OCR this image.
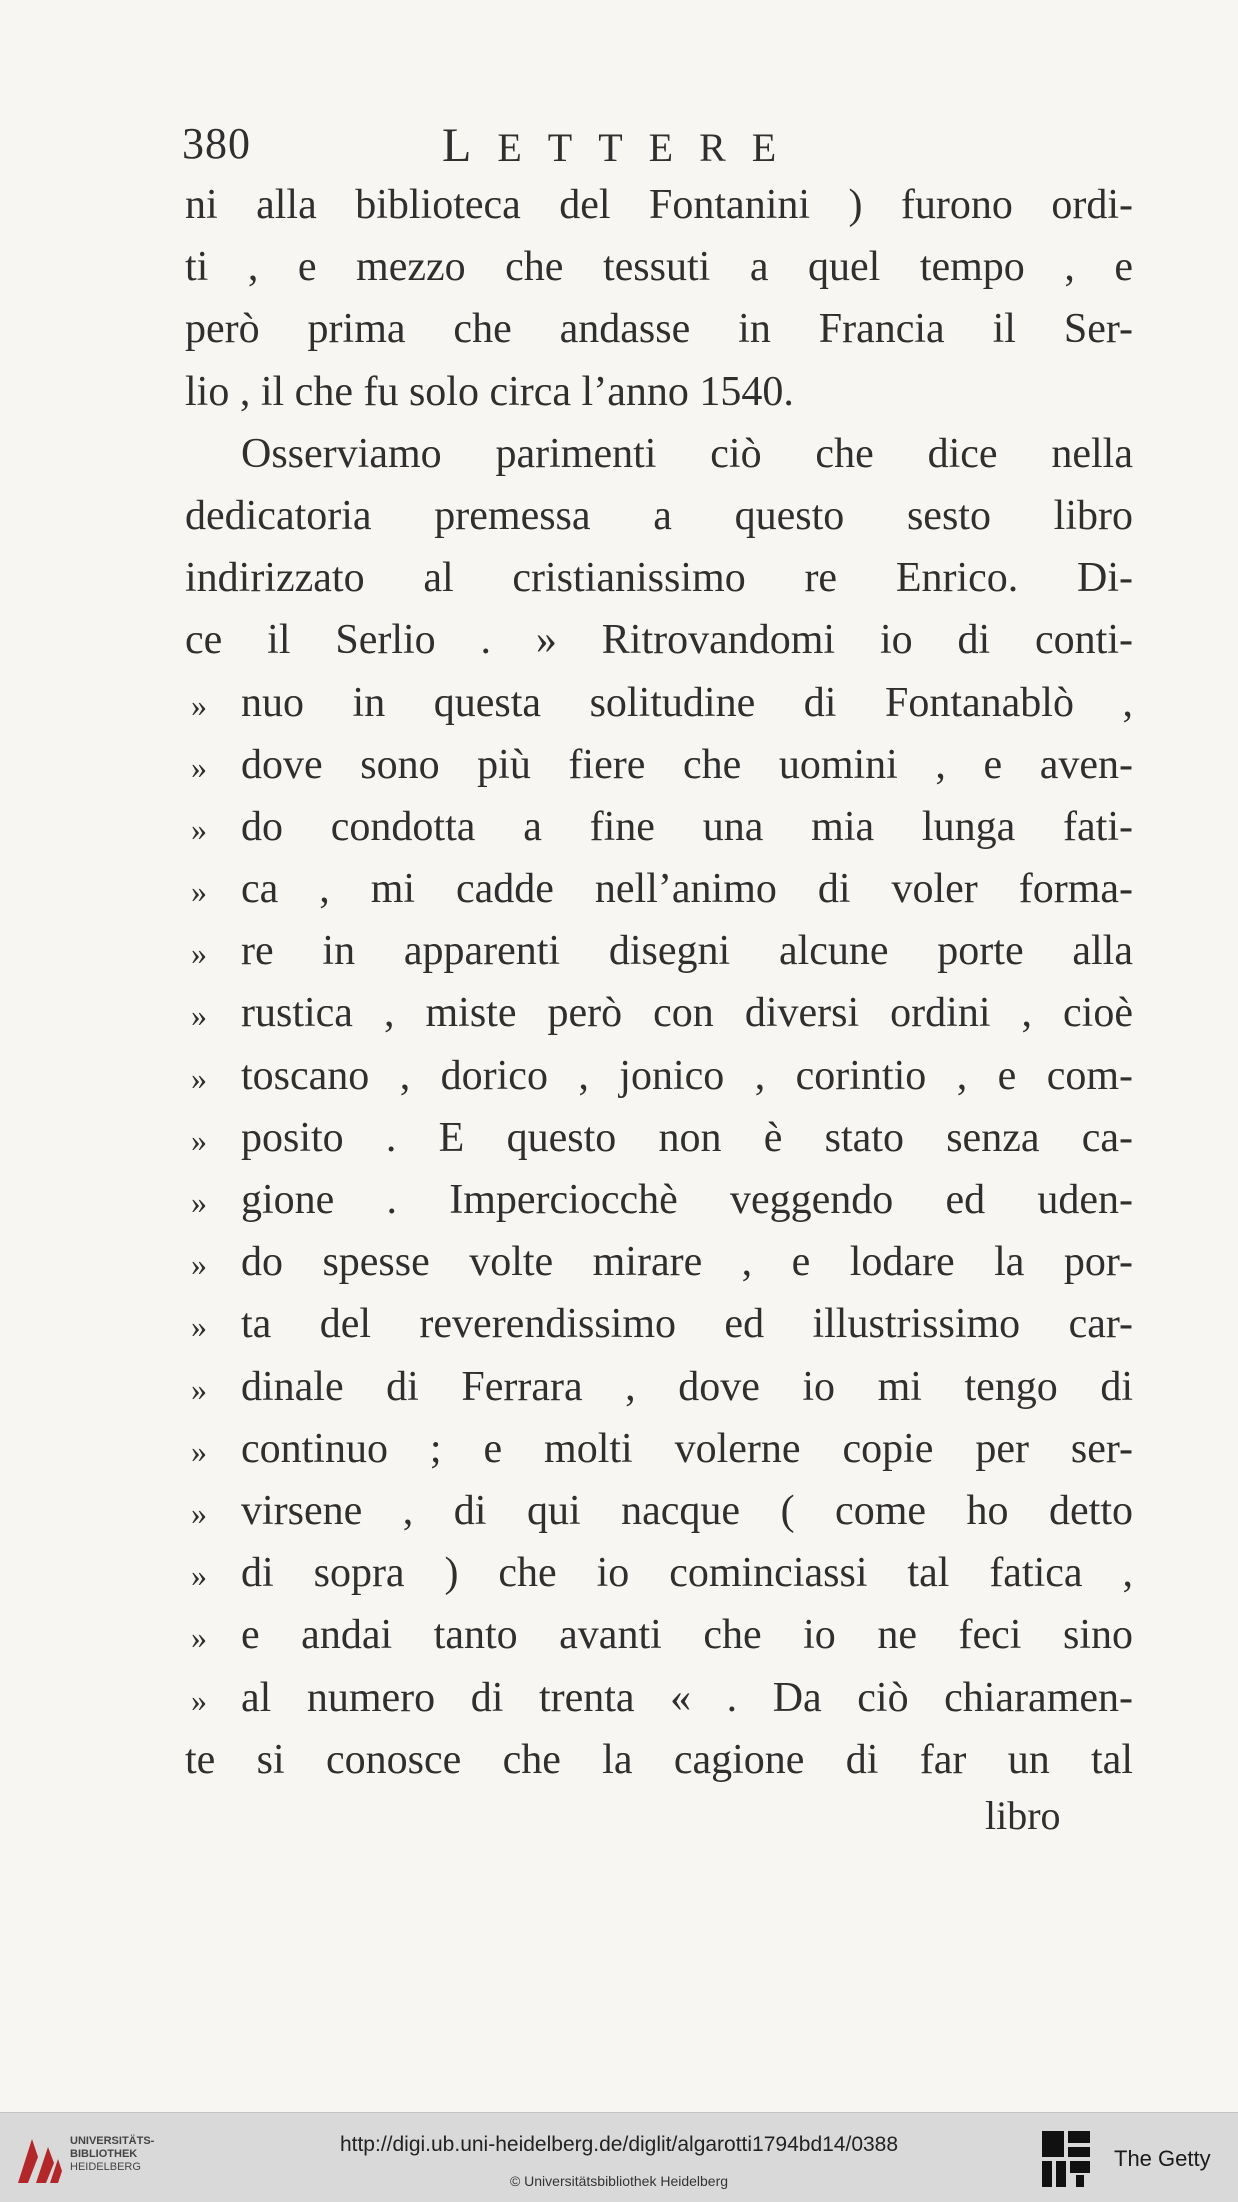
380	LETTERE
ni alla biblioteca del Fontanini ) furono ordi-
ti , e mezzo che tessuti a quel tempo , e
però prima che andasse in Francia il Ser-
lio , il che fu solo circa l’anno 1540.
Osserviamo parimenti ciò che dice nella
dedicatoria premessa a questo sesto libro
indirizzato al cristianissimo re Enrico. Di-
ce il Serlio . » Ritrovandomi io di conti-
» nuo in questa solitudine di Fontanablò ,
» dove sono più fiere che uomini , e aven-
» do condotta a fine una mia lunga fati-
» ca , mi cadde nell’animo di voler forma-
» re in apparenti disegni alcune porte alla
» rustica , miste però con diversi ordini , cioè
» toscano , dorico , jonico , corintio , e com-
» posito . E questo non è stato senza ca-
» gione . Imperciocchè veggendo ed uden-
» do spesse volte mirare , e lodare la por-
» ta del reverendissimo ed illustrissimo car-
» dinale di Ferrara , dove io mi tengo di
» continuo ; e molti volerne copie per ser-
» virsene , di qui nacque ( come ho detto
» di sopra ) che io cominciassi tal fatica ,
» e andai tanto avanti che io ne feci sino
» al numero di trenta « . Da ciò chiaramen-
te si conosce che la cagione di far un tal
libro
UNIVERSITÄTS-
BIBLIOTHEK
HEIDELBERG
http://digi.ub.uni-heidelberg.de/diglit/algarotti1794bd14/0388
© Universitätsbibliothek Heidelberg
The Getty
